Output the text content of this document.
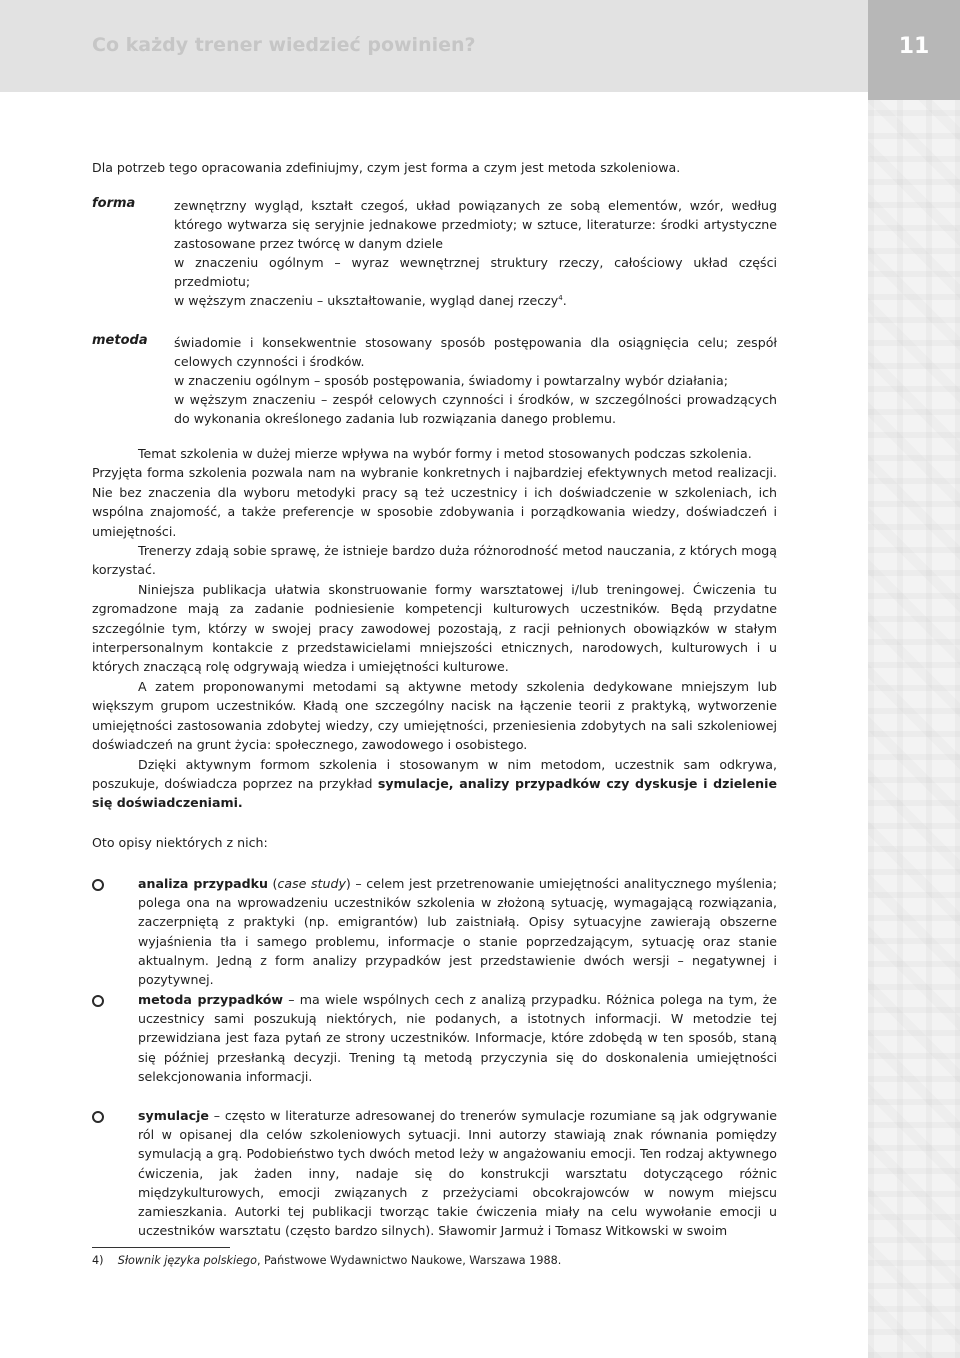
Co każdy trener wiedzieć powinien?	11

Dla potrzeb tego opracowania zdefiniujmy, czym jest forma a czym jest metoda szkoleniowa.

forma	zewnętrzny wygląd, kształt czegoś, układ powiązanych ze sobą elementów, wzór, według którego wytwarza się seryjnie jednakowe przedmioty; w sztuce, literaturze: środki artystyczne zastosowane przez twórcę w danym dziele

w znaczeniu ogólnym – wyraz wewnętrznej struktury rzeczy, całościowy układ części przedmiotu;

w węższym znaczeniu – ukształtowanie, wygląd danej rzeczy$^4$.

metoda	świadomie i konsekwentnie stosowany sposób postępowania dla osiągnięcia celu; zespół celowych czynności i środków.

w znaczeniu ogólnym – sposób postępowania, świadomy i powtarzalny wybór działania;

w węższym znaczeniu – zespół celowych czynności i środków, w szczególności prowadzących do wykonania określonego zadania lub rozwiązania danego problemu.

Temat szkolenia w dużej mierze wpływa na wybór formy i metod stosowanych podczas szkolenia.

Przyjęta forma szkolenia pozwala nam na wybranie konkretnych i najbardziej efektywnych metod realizacji. Nie bez znaczenia dla wyboru metodyki pracy są też uczestnicy i ich doświadczenie w szkoleniach, ich wspólna znajomość, a także preferencje w sposobie zdobywania i porządkowania wiedzy, doświadczeń i umiejętności.

Trenerzy zdają sobie sprawę, że istnieje bardzo duża różnorodność metod nauczania, z których mogą korzystać.

Niniejsza publikacja ułatwia skonstruowanie formy warsztatowej i/lub treningowej. Ćwiczenia tu zgromadzone mają za zadanie podniesienie kompetencji kulturowych uczestników. Będą przydatne szczególnie tym, którzy w swojej pracy zawodowej pozostają, z racji pełnionych obowiązków w stałym interpersonalnym kontakcie z przedstawicielami mniejszości etnicznych, narodowych, kulturowych i u których znaczącą rolę odgrywają wiedza i umiejętności kulturowe.

A zatem proponowanymi metodami są aktywne metody szkolenia dedykowane mniejszym lub większym grupom uczestników. Kładą one szczególny nacisk na łączenie teorii z praktyką, wytworzenie umiejętności zastosowania zdobytej wiedzy, czy umiejętności, przeniesienia zdobytych na sali szkoleniowej doświadczeń na grunt życia: społecznego, zawodowego i osobistego.

Dzięki aktywnym formom szkolenia i stosowanym w nim metodom, uczestnik sam odkrywa, poszukuje, doświadcza poprzez na przykład symulacje, analizy przypadków czy dyskusje i dzielenie się doświadczeniami.

Oto opisy niektórych z nich:

analiza przypadku (case study) – celem jest przetrenowanie umiejętności analitycznego myślenia; polega ona na wprowadzeniu uczestników szkolenia w złożoną sytuację, wymagającą rozwiązania, zaczerpniętą z praktyki (np. emigrantów) lub zaistniałą. Opisy sytuacyjne zawierają obszerne wyjaśnienia tła i samego problemu, informacje o stanie poprzedzającym, sytuację oraz stanie aktualnym. Jedną z form analizy przypadków jest przedstawienie dwóch wersji – negatywnej i pozytywnej.

metoda przypadków – ma wiele wspólnych cech z analizą przypadku. Różnica polega na tym, że uczestnicy sami poszukują niektórych, nie podanych, a istotnych informacji. W metodzie tej przewidziana jest faza pytań ze strony uczestników. Informacje, które zdobędą w ten sposób, staną się później przesłanką decyzji. Trening tą metodą przyczynia się do doskonalenia umiejętności selekcjonowania informacji.

symulacje – często w literaturze adresowanej do trenerów symulacje rozumiane są jak odgrywanie ról w opisanej dla celów szkoleniowych sytuacji. Inni autorzy stawiają znak równania pomiędzy symulacją a grą. Podobieństwo tych dwóch metod leży w angażowaniu emocji. Ten rodzaj aktywnego ćwiczenia, jak żaden inny, nadaje się do konstrukcji warsztatu dotyczącego różnic międzykulturowych, emocji związanych z przeżyciami obcokrajowców w nowym miejscu zamieszkania. Autorki tej publikacji tworząc takie ćwiczenia miały na celu wywołanie emocji u uczestników warsztatu (często bardzo silnych). Sławomir Jarmuż i Tomasz Witkowski w swoim

4) Słownik języka polskiego, Państwowe Wydawnictwo Naukowe, Warszawa 1988.
